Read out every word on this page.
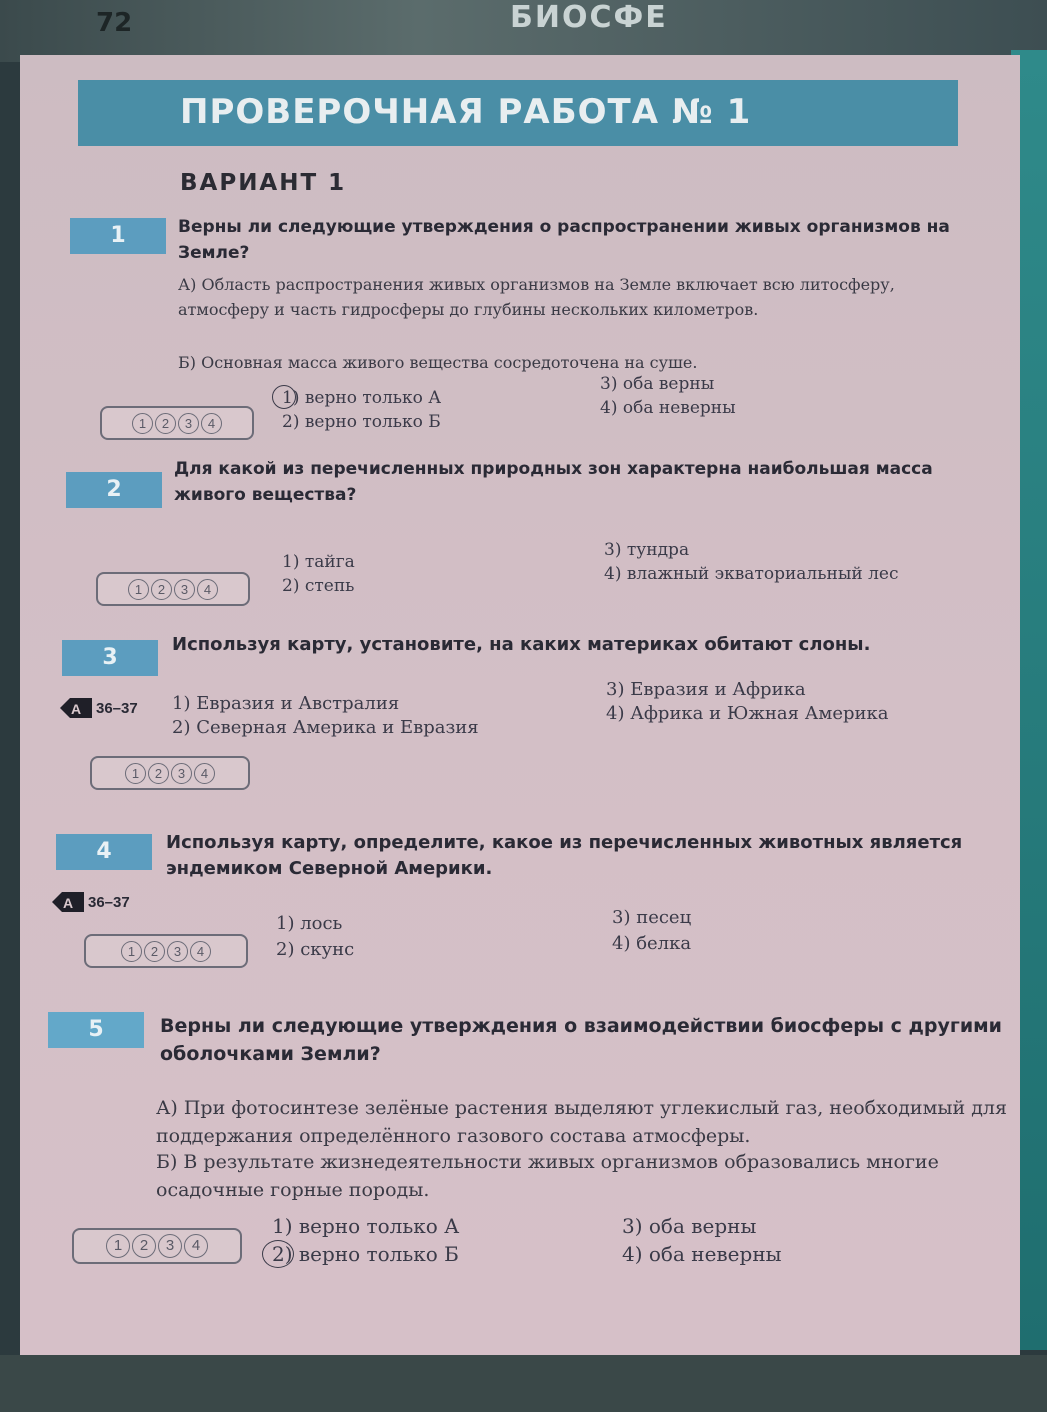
72	БИОСФЕ
ПРОВЕРОЧНАЯ РАБОТА № 1
ВАРИАНТ 1
1	Верны ли следующие утверждения о распространении живых организмов на Земле?
А) Область распространения живых организмов на Земле включает всю литосферу, атмосферу и часть гидросферы до глубины нескольких километров.
Б) Основная масса живого вещества сосредоточена на суше.
1	2	3	4
1) верно только А
2) верно только Б
3) оба верны
4) оба неверны
2
Для какой из перечисленных природных зон характерна наибольшая масса живого вещества?
1	2	3	4
1) тайга
2) степь
3) тундра
4) влажный экваториальный лес
3
Используя карту, установите, на каких материках обитают слоны.
A 36–37 1) Евразия и Австралия
2) Северная Америка и Евразия
3) Евразия и Африка
4) Африка и Южная Америка
1	2	3	4
4	Используя карту, определите, какое из перечисленных животных является эндемиком Северной Америки.
A 36–37
1	2	3	4
1) лось
2) скунс
3) песец
4) белка
5	Верны ли следующие утверждения о взаимодействии биосферы с другими оболочками Земли?
А) При фотосинтезе зелёные растения выделяют углекислый газ, необходимый для поддержания определённого газового состава атмосферы.
Б) В результате жизнедеятельности живых организмов образовались многие осадочные горные породы.
1	2	3	4
1) верно только А
2) верно только Б
3) оба верны
4) оба неверны
